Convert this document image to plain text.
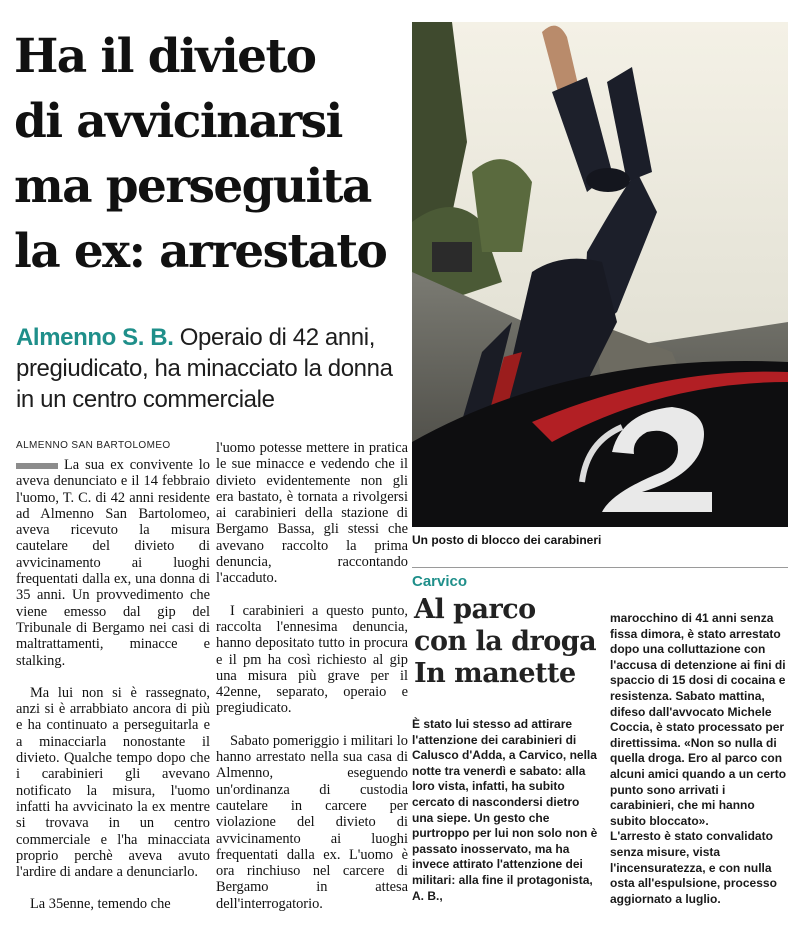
Ha il divieto
di avvicinarsi
ma perseguita
la ex: arrestato

Almenno S. B. Operaio di 42 anni, pregiudicato, ha minacciato la donna in un centro commerciale

Un posto di blocco dei carabineri
ALMENNO SAN BARTOLOMEO

La sua ex convivente lo aveva denunciato e il 14 febbraio l'uomo, T. C. di 42 anni residente ad Almenno San Bartolomeo, aveva ricevuto la misura cautelare del divieto di avvicinamento ai luoghi frequentati dalla ex, una donna di 35 anni. Un provvedimento che viene emesso dal gip del Tribunale di Bergamo nei casi di maltrattamenti, minacce e stalking.

Ma lui non si è rassegnato, anzi si è arrabbiato ancora di più e ha continuato a perseguitarla e a minacciarla nonostante il divieto. Qualche tempo dopo che i carabinieri gli avevano notificato la misura, l'uomo infatti ha avvicinato la ex mentre si trovava in un centro commerciale e l'ha minacciata proprio perchè aveva avuto l'ardire di andare a denunciarlo.

La 35enne, temendo che

l'uomo potesse mettere in pratica le sue minacce e vedendo che il divieto evidentemente non gli era bastato, è tornata a rivolgersi ai carabinieri della stazione di Bergamo Bassa, gli stessi che avevano raccolto la prima denuncia, raccontando l'accaduto.

I carabinieri a questo punto, raccolta l'ennesima denuncia, hanno depositato tutto in procura e il pm ha così richiesto al gip una misura più grave per il 42enne, separato, operaio e pregiudicato.

Sabato pomeriggio i militari lo hanno arrestato nella sua casa di Almenno, eseguendo un'ordinanza di custodia cautelare in carcere per violazione del divieto di avvicinamento ai luoghi frequentati dalla ex. L'uomo è ora rinchiuso nel carcere di Bergamo in attesa dell'interrogatorio.

Carvico
Al parco
con la droga
In manette

È stato lui stesso ad attirare l'attenzione dei carabinieri di Calusco d'Adda, a Carvico, nella notte tra venerdì e sabato: alla loro vista, infatti, ha subito cercato di nascondersi dietro una siepe. Un gesto che purtroppo per lui non solo non è passato inosservato, ma ha invece attirato l'attenzione dei militari: alla fine il protagonista, A. B.,

marocchino di 41 anni senza fissa dimora, è stato arrestato dopo una colluttazione con l'accusa di detenzione ai fini di spaccio di 15 dosi di cocaina e resistenza. Sabato mattina, difeso dall'avvocato Michele Coccia, è stato processato per direttissima. «Non so nulla di quella droga. Ero al parco con alcuni amici quando a un certo punto sono arrivati i carabinieri, che mi hanno subito bloccato».

L'arresto è stato convalidato senza misure, vista l'incensuratezza, e con nulla osta all'espulsione, processo aggiornato a luglio.
